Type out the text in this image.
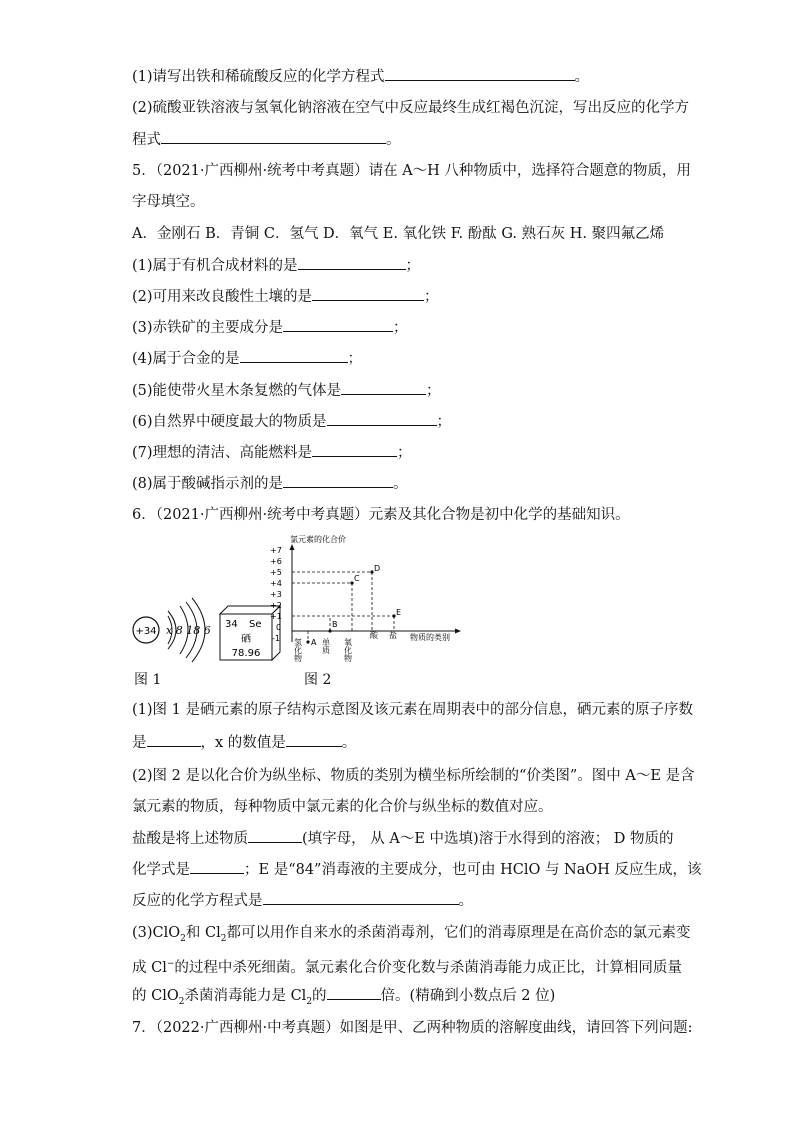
(1)请写出铁和稀硫酸反应的化学方程式	。
(2)硫酸亚铁溶液与氢氧化钠溶液在空气中反应最终生成红褐色沉淀，写出反应的化学方
程式	。
5．（2021·广西柳州·统考中考真题）请在 A～H 八种物质中，选择符合题意的物质，用
字母填空。
A．金刚石 B．青铜 C．氢气 D．氧气 E. 氧化铁 F. 酚酞 G. 熟石灰 H. 聚四氟乙烯
(1)属于有机合成材料的是	；
(2)可用来改良酸性土壤的是	；
(3)赤铁矿的主要成分是	；
(4)属于合金的是	；
(5)能使带火星木条复燃的气体是	；
(6)自然界中硬度最大的物质是	；
(7)理想的清洁、高能燃料是	；
(8)属于酸碱指示剂的是	。
6．（2021·广西柳州·统考中考真题）元素及其化合物是初中化学的基础知识。
+34 x 8 18 6 34 Se
硒
78.96
图 1
氯元素的化合价
+7
+6
+5
+4
+3
+2
+1
0
-1	A
B
C
D
E
氢化物 单质 氧化物
酸 盐 物质的类别
图 2
(1)图 1 是硒元素的原子结构示意图及该元素在周期表中的部分信息，硒元素的原子序数
是	，x 的数值是	。
(2)图 2 是以化合价为纵坐标、物质的类别为横坐标所绘制的“价类图”。图中 A～E 是含
氯元素的物质，每种物质中氯元素的化合价与纵坐标的数值对应。
盐酸是将上述物质	(填字母， 从 A～E 中选填)溶于水得到的溶液； D 物质的
化学式是	；E 是“84”消毒液的主要成分，也可由 HClO 与 NaOH 反应生成，该
反应的化学方程式是	。
(3)ClO$_2$和 $Cl_2$都可以用作自来水的杀菌消毒剂，它们的消毒原理是在高价态的氯元素变
成 Cl−的过程中杀死细菌。氯元素化合价变化数与杀菌消毒能力成正比，计算相同质量
的 ClO$_2$杀菌消毒能力是 $Cl_2$的	倍。(精确到小数点后 2 位)
7．（2022·广西柳州·中考真题）如图是甲、乙两种物质的溶解度曲线，请回答下列问题:
